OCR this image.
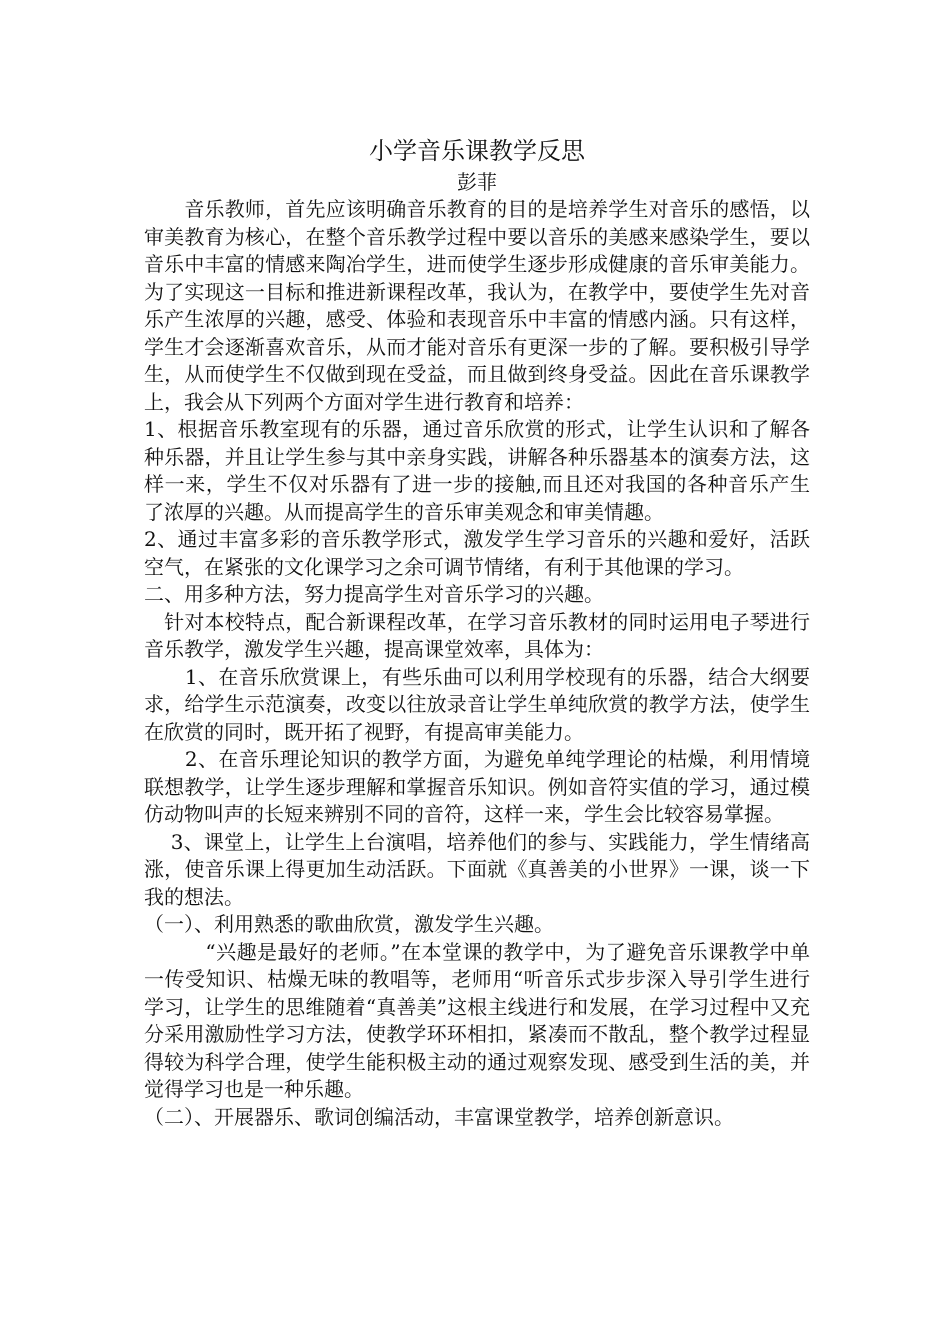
小学音乐课教学反思

彭菲

　　音乐教师，首先应该明确音乐教育的目的是培养学生对音乐的感悟，以审美教育为核心，在整个音乐教学过程中要以音乐的美感来感染学生，要以音乐中丰富的情感来陶冶学生，进而使学生逐步形成健康的音乐审美能力。为了实现这一目标和推进新课程改革，我认为，在教学中，要使学生先对音乐产生浓厚的兴趣，感受、体验和表现音乐中丰富的情感内涵。只有这样，学生才会逐渐喜欢音乐，从而才能对音乐有更深一步的了解。要积极引导学生，从而使学生不仅做到现在受益，而且做到终身受益。因此在音乐课教学上，我会从下列两个方面对学生进行教育和培养：

1、根据音乐教室现有的乐器，通过音乐欣赏的形式，让学生认识和了解各种乐器，并且让学生参与其中亲身实践，讲解各种乐器基本的演奏方法，这样一来，学生不仅对乐器有了进一步的接触,而且还对我国的各种音乐产生了浓厚的兴趣。从而提高学生的音乐审美观念和审美情趣。

2、通过丰富多彩的音乐教学形式，激发学生学习音乐的兴趣和爱好，活跃空气，在紧张的文化课学习之余可调节情绪，有利于其他课的学习。

二、用多种方法，努力提高学生对音乐学习的兴趣。

　针对本校特点，配合新课程改革，在学习音乐教材的同时运用电子琴进行音乐教学，激发学生兴趣，提高课堂效率，具体为：

　　1、在音乐欣赏课上，有些乐曲可以利用学校现有的乐器，结合大纲要求，给学生示范演奏，改变以往放录音让学生单纯欣赏的教学方法，使学生在欣赏的同时，既开拓了视野，有提高审美能力。

　　2、在音乐理论知识的教学方面，为避免单纯学理论的枯燥，利用情境联想教学，让学生逐步理解和掌握音乐知识。例如音符实值的学习，通过模仿动物叫声的长短来辨别不同的音符，这样一来，学生会比较容易掌握。

　 3、课堂上，让学生上台演唱，培养他们的参与、实践能力，学生情绪高涨，使音乐课上得更加生动活跃。下面就《真善美的小世界》一课，谈一下我的想法。

（一）、利用熟悉的歌曲欣赏，激发学生兴趣。

　　　“兴趣是最好的老师。”在本堂课的教学中，为了避免音乐课教学中单一传受知识、枯燥无味的教唱等，老师用“听音乐式步步深入导引学生进行学习，让学生的思维随着“真善美”这根主线进行和发展，在学习过程中又充分采用激励性学习方法，使教学环环相扣，紧凑而不散乱，整个教学过程显得较为科学合理，使学生能积极主动的通过观察发现、感受到生活的美，并觉得学习也是一种乐趣。

（二）、开展器乐、歌词创编活动，丰富课堂教学，培养创新意识。
